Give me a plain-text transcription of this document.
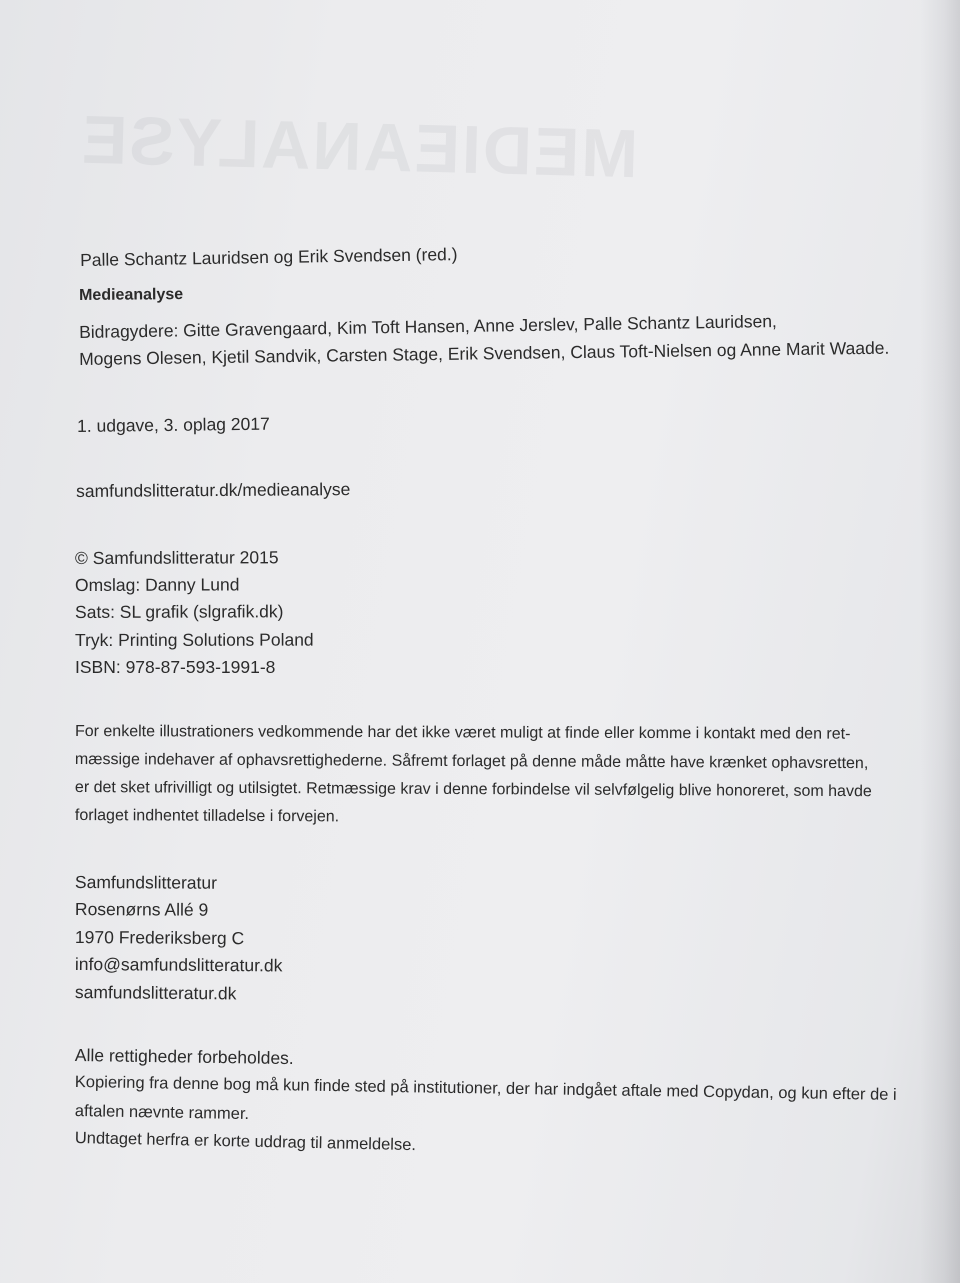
MEDIEANALYSE
Palle Schantz Lauridsen og Erik Svendsen (red.)
Medieanalyse
Bidragydere: Gitte Gravengaard, Kim Toft Hansen, Anne Jerslev, Palle Schantz Lauridsen,
Mogens Olesen, Kjetil Sandvik, Carsten Stage, Erik Svendsen, Claus Toft-Nielsen og Anne Marit Waade.
1. udgave, 3. oplag 2017
samfundslitteratur.dk/medieanalyse
© Samfundslitteratur 2015
Omslag: Danny Lund
Sats: SL grafik (slgrafik.dk)
Tryk: Printing Solutions Poland
ISBN: 978-87-593-1991-8
For enkelte illustrationers vedkommende har det ikke været muligt at finde eller komme i kontakt med den ret-
mæssige indehaver af ophavsrettighederne. Såfremt forlaget på denne måde måtte have krænket ophavsretten,
er det sket ufrivilligt og utilsigtet. Retmæssige krav i denne forbindelse vil selvfølgelig blive honoreret, som havde
forlaget indhentet tilladelse i forvejen.
Samfundslitteratur
Rosenørns Allé 9
1970 Frederiksberg C
info@samfundslitteratur.dk
samfundslitteratur.dk
Alle rettigheder forbeholdes.
Kopiering fra denne bog må kun finde sted på institutioner, der har indgået aftale med Copydan, og kun efter de i
aftalen nævnte rammer.
Undtaget herfra er korte uddrag til anmeldelse.
